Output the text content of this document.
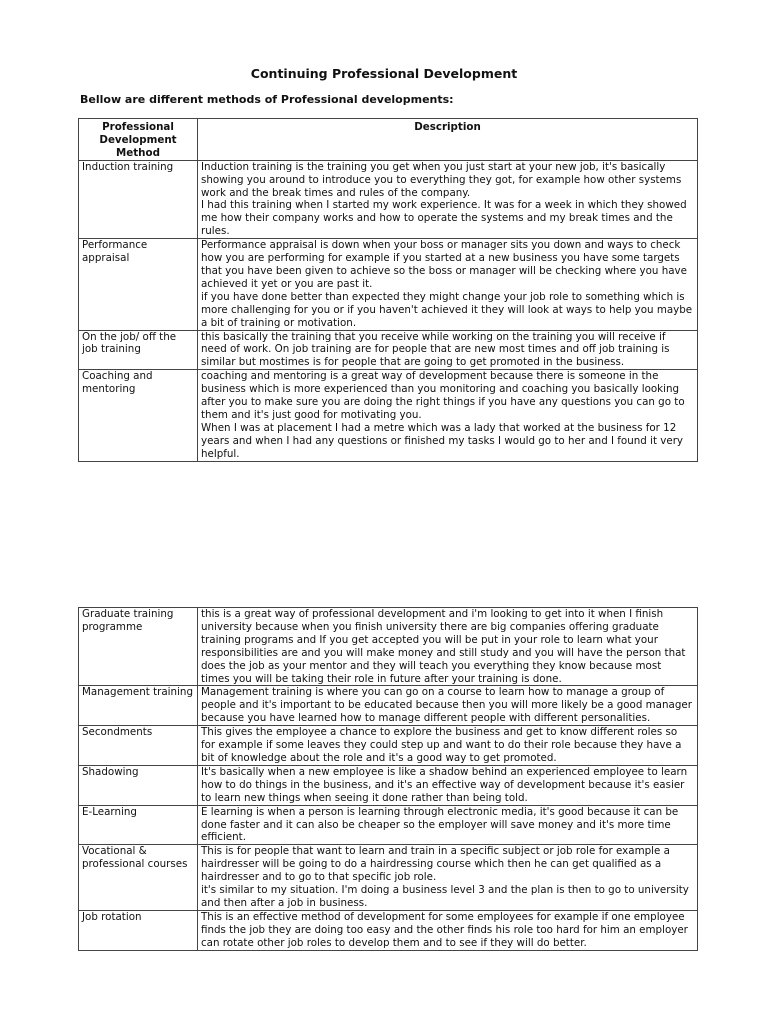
Continuing Professional Development
Bellow are different methods of Professional developments:
Professional Development Method	Description
Induction training	Induction training is the training you get when you just start at your new job, it's basically showing you around to introduce you to everything they got, for example how other systems work and the break times and rules of the company.
I had this training when I started my work experience. It was for a week in which they showed me how their company works and how to operate the systems and my break times and the rules.

Performance appraisal	Performance appraisal is down when your boss or manager sits you down and ways to check how you are performing for example if you started at a new business you have some targets that you have been given to achieve so the boss or manager will be checking where you have achieved it yet or you are past it.
if you have done better than expected they might change your job role to something which is more challenging for you or if you haven't achieved it they will look at ways to help you maybe a bit of training or motivation.

On the job/ off the job training	this basically the training that you receive while working on the training you will receive if need of work. On job training are for people that are new most times and off job training is similar but mostimes is for people that are going to get promoted in the business.
Coaching and mentoring	coaching and mentoring is a great way of development because there is someone in the business which is more experienced than you monitoring and coaching you basically looking after you to make sure you are doing the right things if you have any questions you can go to them and it's just good for motivating you.
When I was at placement I had a metre which was a lady that worked at the business for 12 years and when I had any questions or finished my tasks I would go to her and I found it very helpful.
Graduate training programme	this is a great way of professional development and i'm looking to get into it when I finish university because when you finish university there are big companies offering graduate training programs and If you get accepted you will be put in your role to learn what your responsibilities are and you will make money and still study and you will have the person that does the job as your mentor and they will teach you everything they know because most times you will be taking their role in future after your training is done.
Management training	Management training is where you can go on a course to learn how to manage a group of people and it's important to be educated because then you will more likely be a good manager because you have learned how to manage different people with different personalities.
Secondments	This gives the employee a chance to explore the business and get to know different roles so for example if some leaves they could step up and want to do their role because they have a bit of knowledge about the role and it's a good way to get promoted.
Shadowing	It's basically when a new employee is like a shadow behind an experienced employee to learn how to do things in the business, and it's an effective way of development because it's easier to learn new things when seeing it done rather than being told.
E-Learning	E learning is when a person is learning through electronic media, it's good because it can be done faster and it can also be cheaper so the employer will save money and it's more time efficient.
Vocational & professional courses	This is for people that want to learn and train in a specific subject or job role for example a hairdresser will be going to do a hairdressing course which then he can get qualified as a hairdresser and to go to that specific job role.
it's similar to my situation. I'm doing a business level 3 and the plan is then to go to university and then after a job in business.

Job rotation	This is an effective method of development for some employees for example if one employee finds the job they are doing too easy and the other finds his role too hard for him an employer can rotate other job roles to develop them and to see if they will do better.
